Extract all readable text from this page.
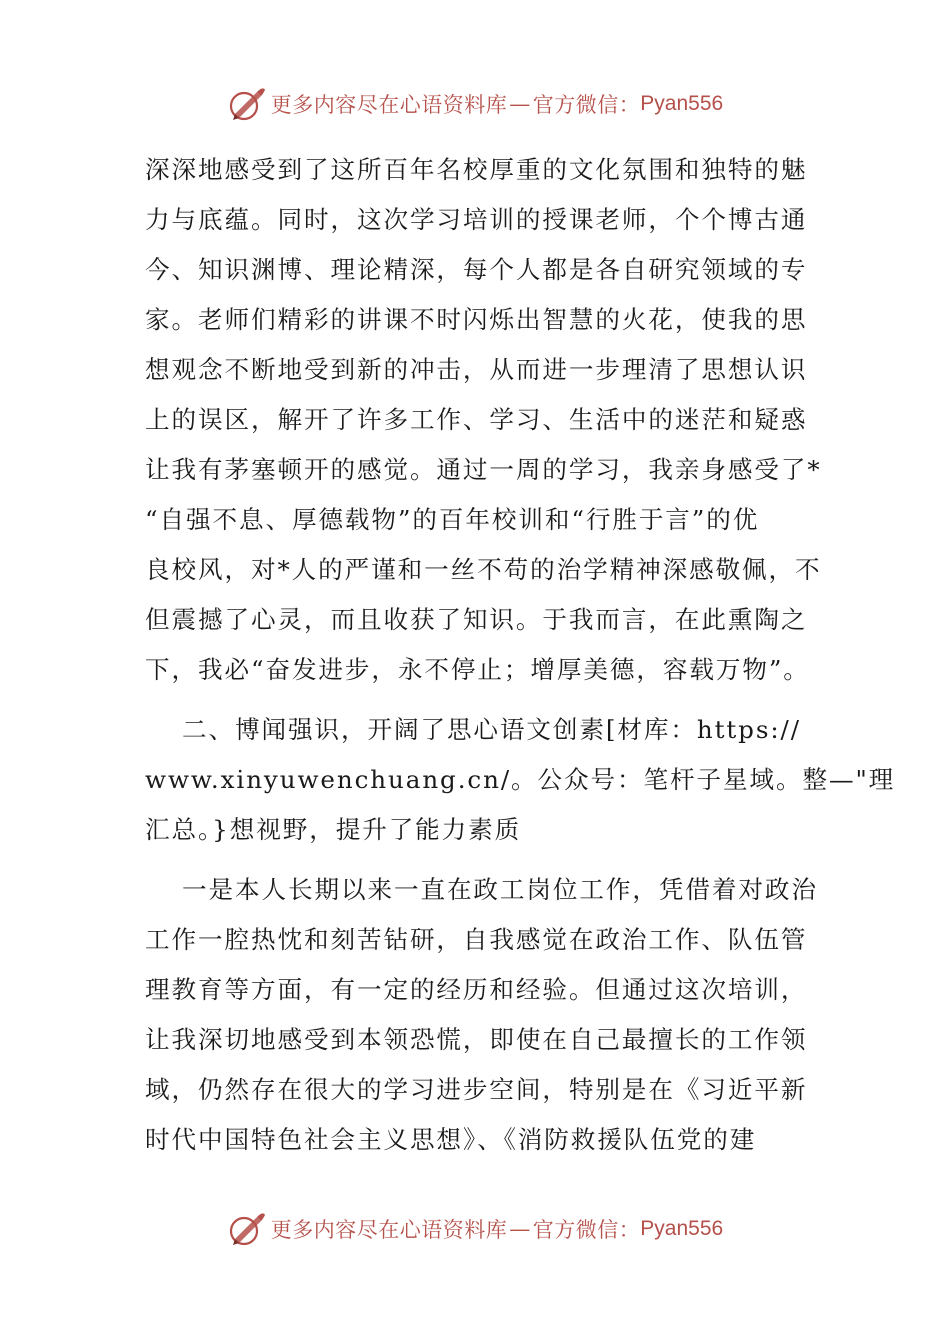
更多内容尽在心语资料库 — 官方微信： Pyan556

深深地感受到了这所百年名校厚重的文化氛围和独特的魅
力与底蕴。同时，这次学习培训的授课老师，个个博古通
今、知识渊博、理论精深，每个人都是各自研究领域的专
家。老师们精彩的讲课不时闪烁出智慧的火花，使我的思
想观念不断地受到新的冲击，从而进一步理清了思想认识
上的误区，解开了许多工作、学习、生活中的迷茫和疑惑
让我有茅塞顿开的感觉。通过一周的学习，我亲身感受了*
“自强不息、厚德载物”的百年校训和“行胜于言”的优
良校风，对*人的严谨和一丝不苟的治学精神深感敬佩，不
但震撼了心灵，而且收获了知识。于我而言，在此熏陶之
下，我必“奋发进步，永不停止；增厚美德，容载万物”。

二、博闻强识，开阔了思心语文创素[材库：https://
www.xinyuwenchuang.cn/。公众号：笔杆子星域。整—"理
汇总。}想视野，提升了能力素质

一是本人长期以来一直在政工岗位工作，凭借着对政治
工作一腔热忱和刻苦钻研，自我感觉在政治工作、队伍管
理教育等方面，有一定的经历和经验。但通过这次培训，
让我深切地感受到本领恐慌，即使在自己最擅长的工作领
域，仍然存在很大的学习进步空间，特别是在《习近平新
时代中国特色社会主义思想》、《消防救援队伍党的建

更多内容尽在心语资料库 — 官方微信： Pyan556
